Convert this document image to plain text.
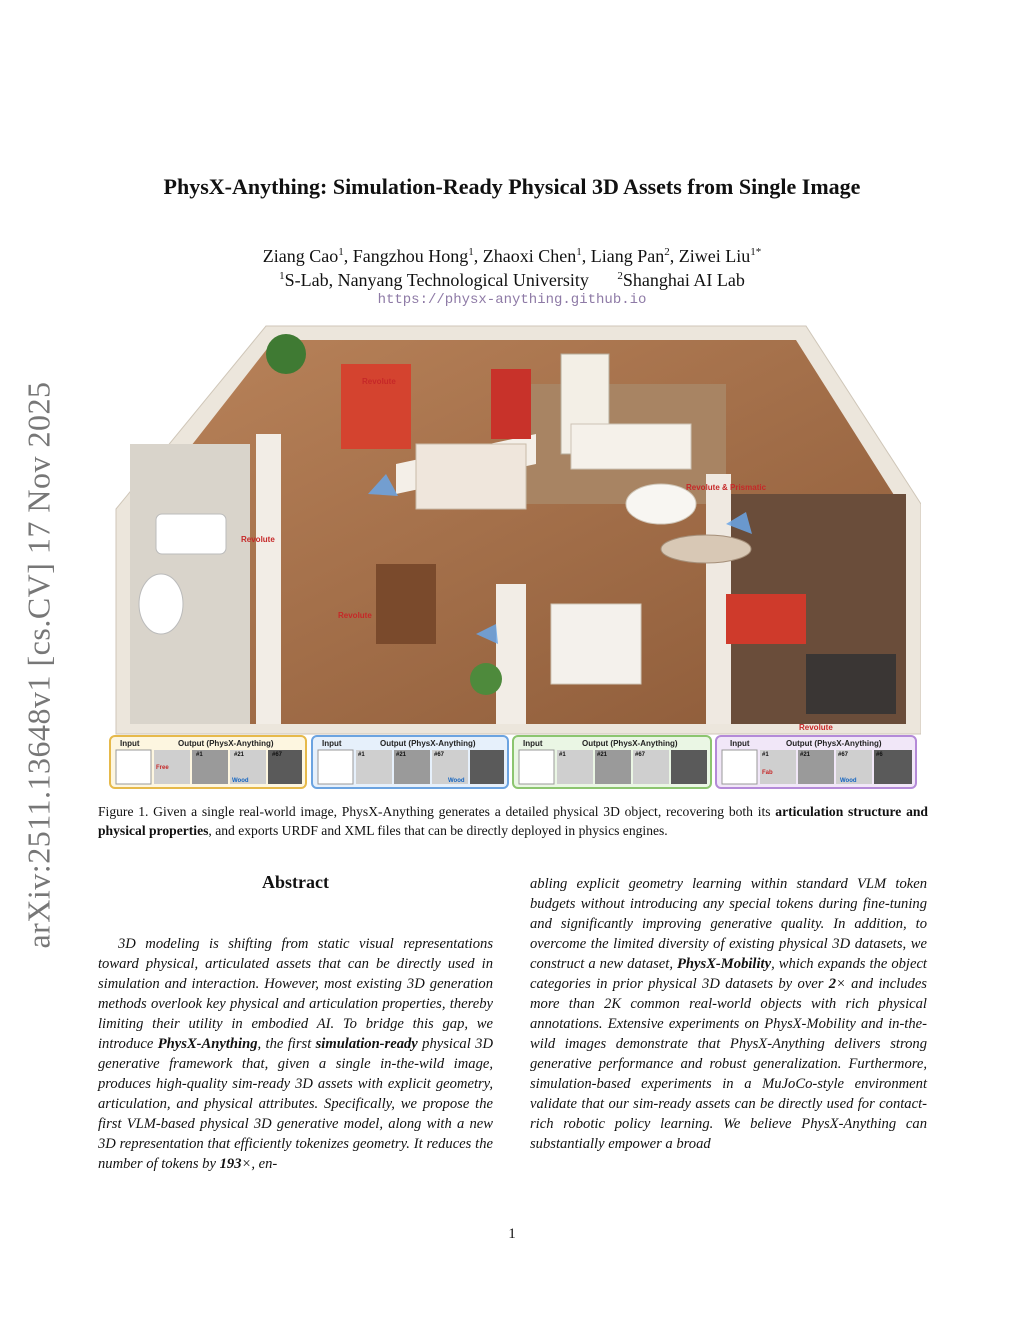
arXiv:2511.13648v1 [cs.CV] 17 Nov 2025
PhysX-Anything: Simulation-Ready Physical 3D Assets from Single Image
Ziang Cao$^1$, Fangzhou Hong$^1$, Zhaoxi Chen$^1$, Liang Pan$^2$, Ziwei Liu$^{1*}$
$^1$S-Lab, Nanyang Technological University	$^2$Shanghai AI Lab
https://physx-anything.github.io
Revolute
Revolute
Revolute & Prismatic
Revolute
Revolute
Input	Output (PhysX-Anything)
#1	#21	#67
Free
Wood
Input	Output (PhysX-Anything)
#1	#21	#67
Wood
Input	Output (PhysX-Anything)
#1	#21	#67
Input	Output (PhysX-Anything)
#1	#21	#67	#6
Fab
Wood
Figure 1. Given a single real-world image, PhysX-Anything generates a detailed physical 3D object, recovering both its articulation structure and physical properties, and exports URDF and XML files that can be directly deployed in physics engines.
Abstract
3D modeling is shifting from static visual representations toward physical, articulated assets that can be directly used in simulation and interaction. However, most existing 3D generation methods overlook key physical and articulation properties, thereby limiting their utility in embodied AI. To bridge this gap, we introduce PhysX-Anything, the first simulation-ready physical 3D generative framework that, given a single in-the-wild image, produces high-quality sim-ready 3D assets with explicit geometry, articulation, and physical attributes. Specifically, we propose the first VLM-based physical 3D generative model, along with a new 3D representation that efficiently tokenizes geometry. It reduces the number of tokens by 193×, en-
abling explicit geometry learning within standard VLM token budgets without introducing any special tokens during fine-tuning and significantly improving generative quality. In addition, to overcome the limited diversity of existing physical 3D datasets, we construct a new dataset, PhysX-Mobility, which expands the object categories in prior physical 3D datasets by over 2× and includes more than 2K common real-world objects with rich physical annotations. Extensive experiments on PhysX-Mobility and in-the-wild images demonstrate that PhysX-Anything delivers strong generative performance and robust generalization. Furthermore, simulation-based experiments in a MuJoCo-style environment validate that our sim-ready assets can be directly used for contact-rich robotic policy learning. We believe PhysX-Anything can substantially empower a broad
1
